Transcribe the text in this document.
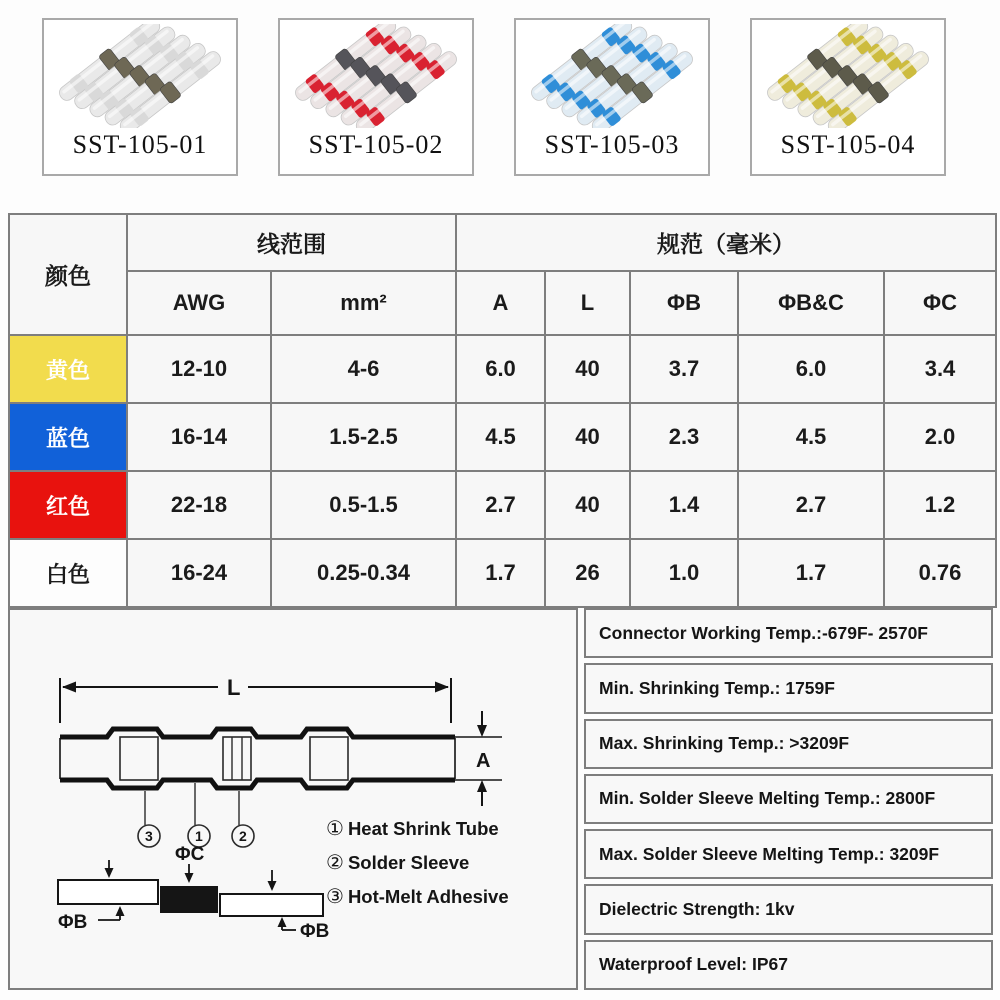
SST-105-01	SST-105-02	SST-105-03	SST-105-04
颜色	线范围		规范（毫米）				
	AWG	mm²	A	L	ΦB	ΦB&C	ΦC
黄色	12-10	4-6	6.0	40	3.7	6.0	3.4
蓝色	16-14	1.5-2.5	4.5	40	2.3	4.5	2.0
红色	22-18	0.5-1.5	2.7	40	1.4	2.7	1.2
白色	16-24	0.25-0.34	1.7	26	1.0	1.7	0.76
L
A
3	1	2
ΦC
ΦB	ΦB
① Heat Shrink Tube
② Solder Sleeve
③ Hot-Melt Adhesive
Connector Working Temp.:-679F- 2570F
Min. Shrinking Temp.: 1759F
Max. Shrinking Temp.: >3209F
Min. Solder Sleeve Melting Temp.: 2800F
Max. Solder Sleeve Melting Temp.: 3209F
Dielectric Strength: 1kv
Waterproof Level: IP67
